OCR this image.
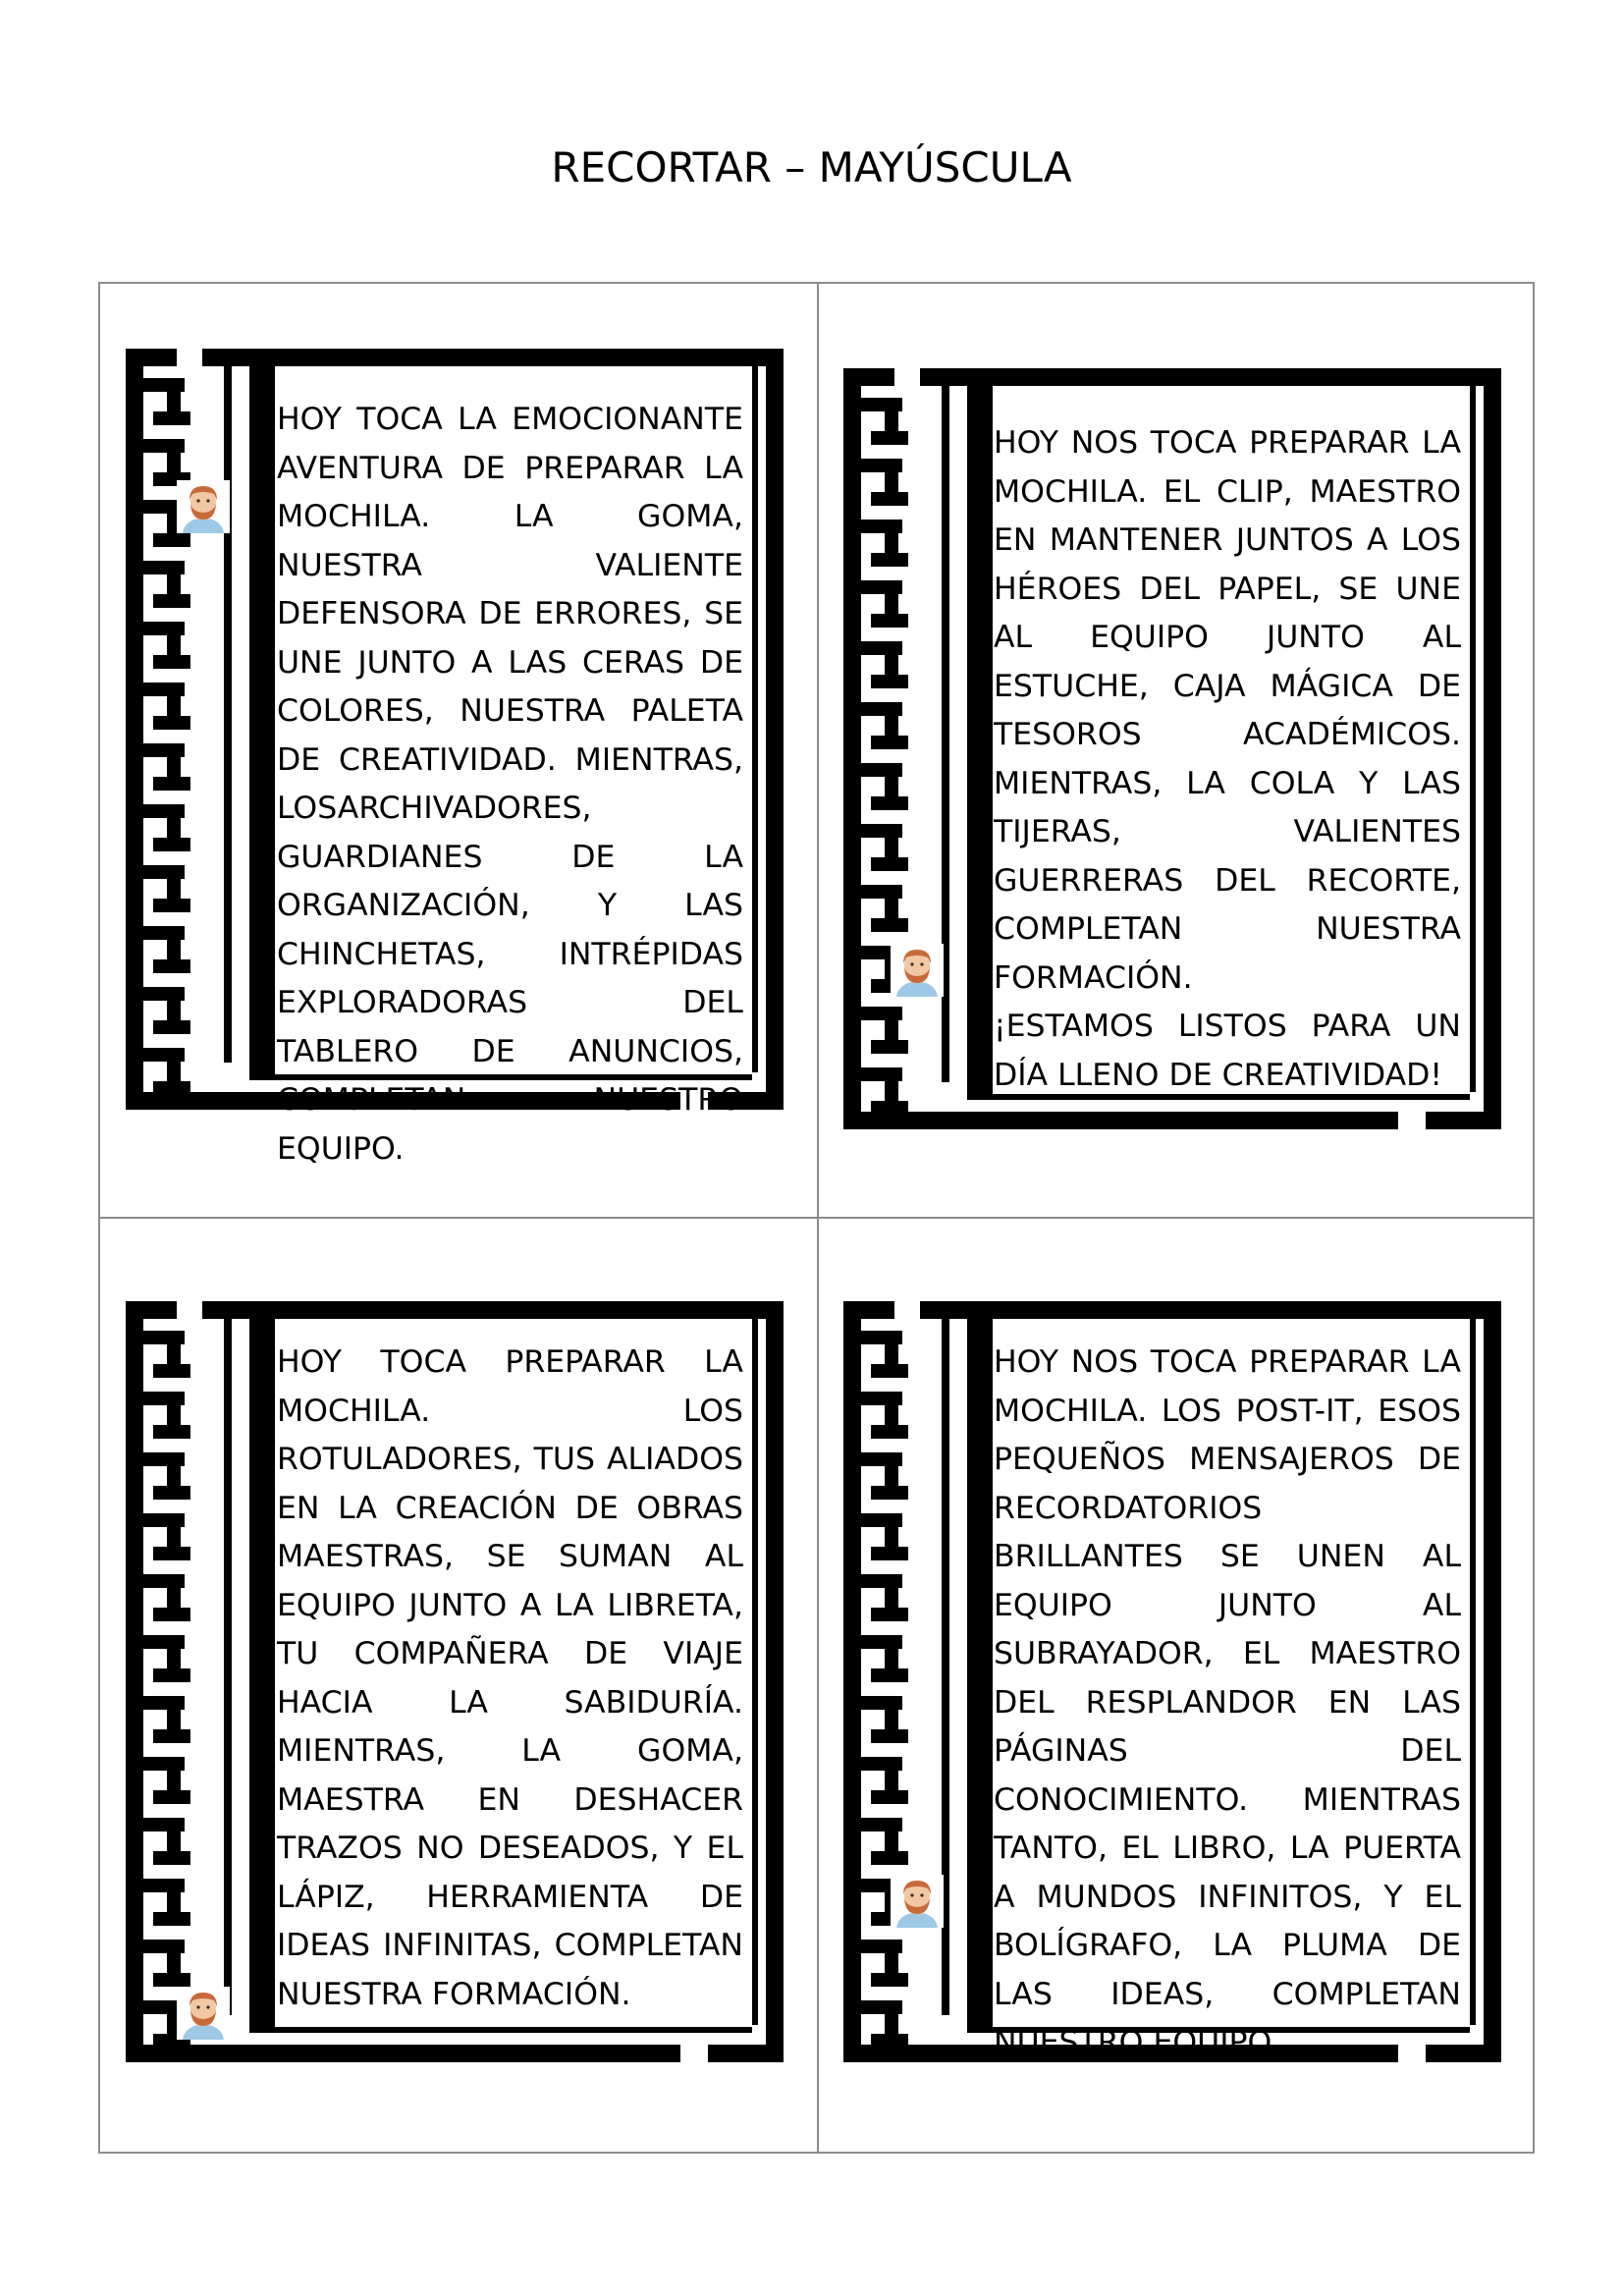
RECORTAR – MAYÚSCULA

HOY TOCA LA EMOCIONANTE AVENTURA DE PREPARAR LA MOCHILA. LA GOMA, NUESTRA VALIENTE DEFENSORA DE ERRORES, SE UNE JUNTO A LAS CERAS DE COLORES, NUESTRA PALETA DE CREATIVIDAD. MIENTRAS, LOSARCHIVADORES, GUARDIANES DE LA ORGANIZACIÓN, Y LAS CHINCHETAS, INTRÉPIDAS EXPLORADORAS DEL TABLERO DE ANUNCIOS, COMPLETAN NUESTRO EQUIPO.

HOY NOS TOCA PREPARAR LA MOCHILA. EL CLIP, MAESTRO EN MANTENER JUNTOS A LOS HÉROES DEL PAPEL, SE UNE AL EQUIPO JUNTO AL ESTUCHE, CAJA MÁGICA DE TESOROS ACADÉMICOS. MIENTRAS, LA COLA Y LAS TIJERAS, VALIENTES GUERRERAS DEL RECORTE, COMPLETAN NUESTRA FORMACIÓN.

¡ESTAMOS LISTOS PARA UN DÍA LLENO DE CREATIVIDAD!

HOY TOCA PREPARAR LA MOCHILA. LOS ROTULADORES, TUS ALIADOS EN LA CREACIÓN DE OBRAS MAESTRAS, SE SUMAN AL EQUIPO JUNTO A LA LIBRETA, TU COMPAÑERA DE VIAJE HACIA LA SABIDURÍA. MIENTRAS, LA GOMA, MAESTRA EN DESHACER TRAZOS NO DESEADOS, Y EL LÁPIZ, HERRAMIENTA DE IDEAS INFINITAS, COMPLETAN NUESTRA FORMACIÓN.

HOY NOS TOCA PREPARAR LA MOCHILA. LOS POST-IT, ESOS PEQUEÑOS MENSAJEROS DE RECORDATORIOS BRILLANTES SE UNEN AL EQUIPO JUNTO AL SUBRAYADOR, EL MAESTRO DEL RESPLANDOR EN LAS PÁGINAS DEL CONOCIMIENTO. MIENTRAS TANTO, EL LIBRO, LA PUERTA A MUNDOS INFINITOS, Y EL BOLÍGRAFO, LA PLUMA DE LAS IDEAS, COMPLETAN NUESTRO EQUIPO.
